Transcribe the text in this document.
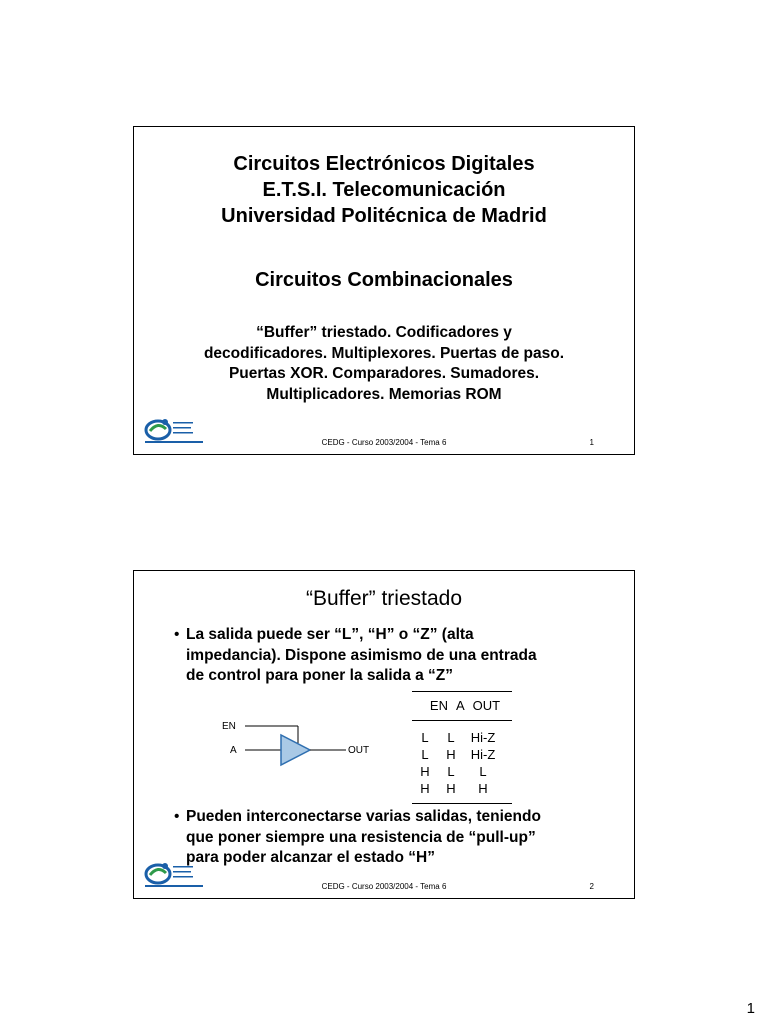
Circuitos Electrónicos Digitales
E.T.S.I. Telecomunicación
Universidad Politécnica de Madrid
Circuitos Combinacionales
“Buffer” triestado. Codificadores y
decodificadores. Multiplexores. Puertas de paso.
Puertas XOR. Comparadores. Sumadores.
Multiplicadores. Memorias ROM
CEDG - Curso 2003/2004 - Tema 6	1
“Buffer” triestado
• La salida puede ser “L”, “H” o “Z” (alta
impedancia). Dispone asimismo de una entrada
de control para poner la salida a “Z”
EN
A	OUT
EN A OUT
L	L	Hi-Z
L	H	Hi-Z
H	L	L
H	H	H
• Pueden interconectarse varias salidas, teniendo
que poner siempre una resistencia de “pull-up”
para poder alcanzar el estado “H”
CEDG - Curso 2003/2004 - Tema 6	2
1
